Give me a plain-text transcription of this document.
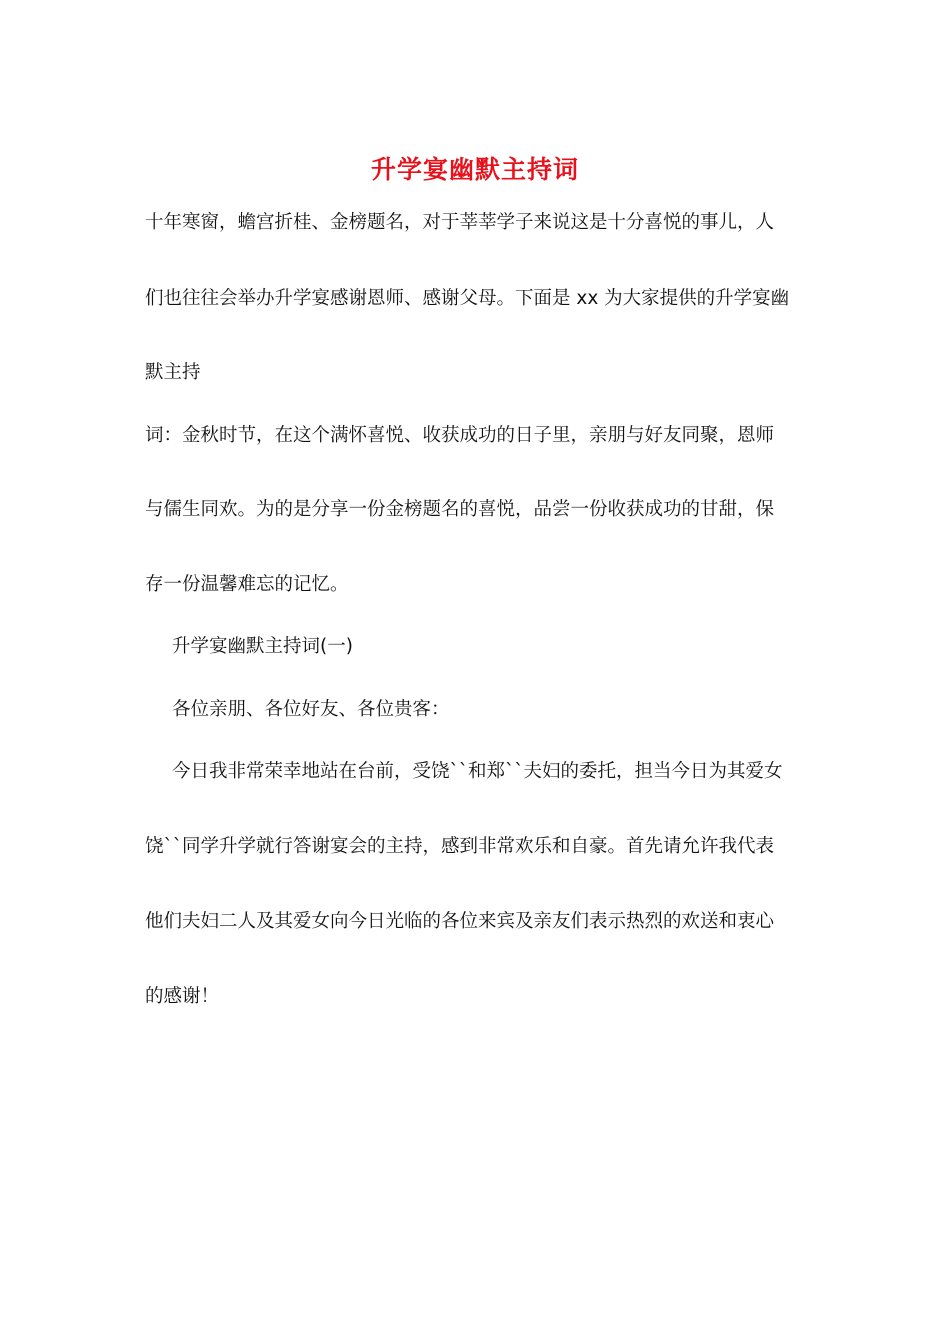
升学宴幽默主持词
十年寒窗，蟾宫折桂、金榜题名，对于莘莘学子来说这是十分喜悦的事儿，人
们也往往会举办升学宴感谢恩师、感谢父母。下面是 xx 为大家提供的升学宴幽
默主持
词：金秋时节，在这个满怀喜悦、收获成功的日子里，亲朋与好友同聚，恩师
与儒生同欢。为的是分享一份金榜题名的喜悦，品尝一份收获成功的甘甜，保
存一份温馨难忘的记忆。
升学宴幽默主持词(一)
各位亲朋、各位好友、各位贵客：
今日我非常荣幸地站在台前，受饶``和郑``夫妇的委托，担当今日为其爱女
饶``同学升学就行答谢宴会的主持，感到非常欢乐和自豪。首先请允许我代表
他们夫妇二人及其爱女向今日光临的各位来宾及亲友们表示热烈的欢送和衷心
的感谢！
